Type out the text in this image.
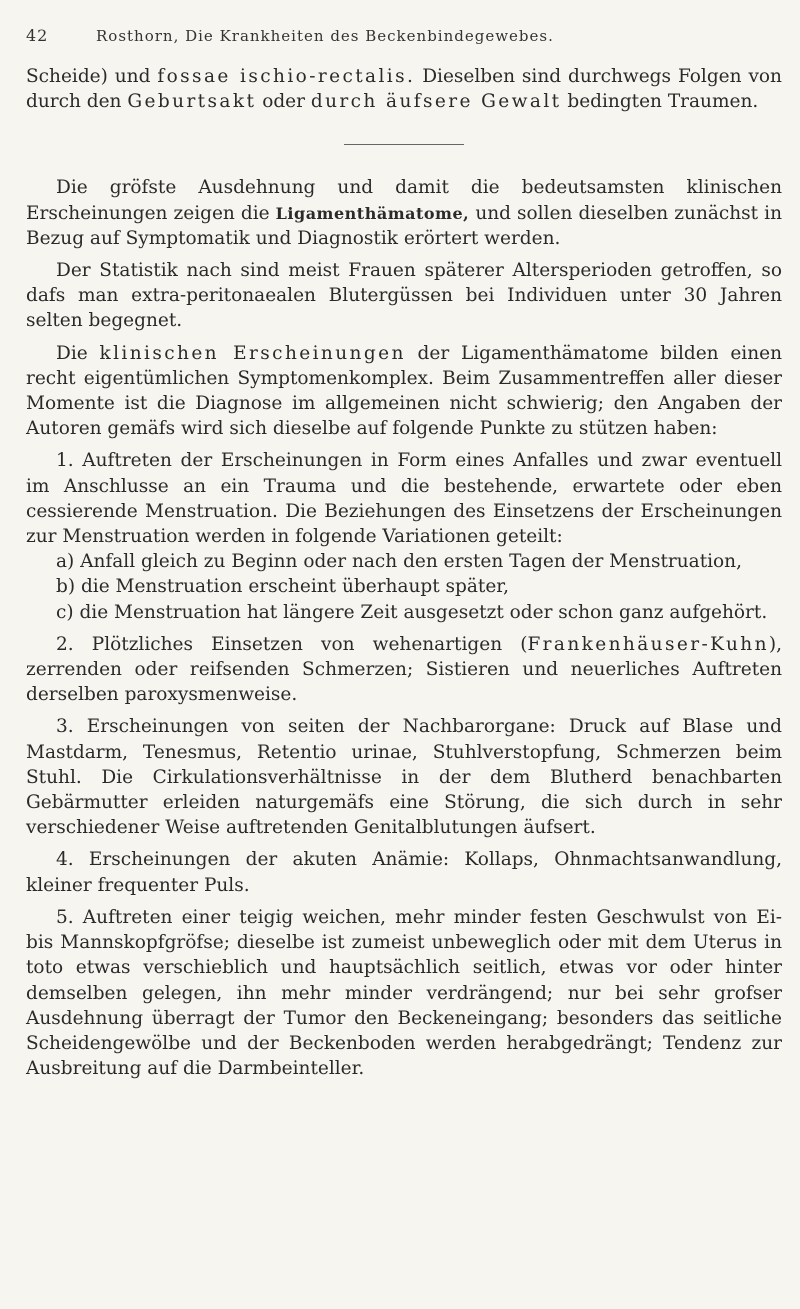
42	Rosthorn, Die Krankheiten des Beckenbindegewebes.

Scheide) und fossae ischio-rectalis. Dieselben sind durchwegs Folgen von durch den Geburtsakt oder durch äufsere Gewalt bedingten Traumen.

Die gröfste Ausdehnung und damit die bedeutsamsten klinischen Erscheinungen zeigen die Ligamenthämatome, und sollen dieselben zunächst in Bezug auf Symptomatik und Diagnostik erörtert werden.

Der Statistik nach sind meist Frauen späterer Altersperioden getroffen, so dafs man extra-peritonaealen Blutergüssen bei Individuen unter 30 Jahren selten begegnet.

Die klinischen Erscheinungen der Ligamenthämatome bilden einen recht eigentümlichen Symptomenkomplex. Beim Zusammentreffen aller dieser Momente ist die Diagnose im allgemeinen nicht schwierig; den Angaben der Autoren gemäfs wird sich dieselbe auf folgende Punkte zu stützen haben:

1. Auftreten der Erscheinungen in Form eines Anfalles und zwar eventuell im Anschlusse an ein Trauma und die bestehende, erwartete oder eben cessierende Menstruation. Die Beziehungen des Einsetzens der Erscheinungen zur Menstruation werden in folgende Variationen geteilt:

a) Anfall gleich zu Beginn oder nach den ersten Tagen der Menstruation,

b) die Menstruation erscheint überhaupt später,

c) die Menstruation hat längere Zeit ausgesetzt oder schon ganz aufgehört.

2. Plötzliches Einsetzen von wehenartigen (Frankenhäuser-Kuhn), zerrenden oder reifsenden Schmerzen; Sistieren und neuerliches Auftreten derselben paroxysmenweise.

3. Erscheinungen von seiten der Nachbarorgane: Druck auf Blase und Mastdarm, Tenesmus, Retentio urinae, Stuhlverstopfung, Schmerzen beim Stuhl. Die Cirkulationsverhältnisse in der dem Blutherd benachbarten Gebärmutter erleiden naturgemäfs eine Störung, die sich durch in sehr verschiedener Weise auftretenden Genitalblutungen äufsert.

4. Erscheinungen der akuten Anämie: Kollaps, Ohnmachtsanwandlung, kleiner frequenter Puls.

5. Auftreten einer teigig weichen, mehr minder festen Geschwulst von Ei- bis Mannskopfgröfse; dieselbe ist zumeist unbeweglich oder mit dem Uterus in toto etwas verschieblich und hauptsächlich seitlich, etwas vor oder hinter demselben gelegen, ihn mehr minder verdrängend; nur bei sehr grofser Ausdehnung überragt der Tumor den Beckeneingang; besonders das seitliche Scheidengewölbe und der Beckenboden werden herabgedrängt; Tendenz zur Ausbreitung auf die Darmbeinteller.
